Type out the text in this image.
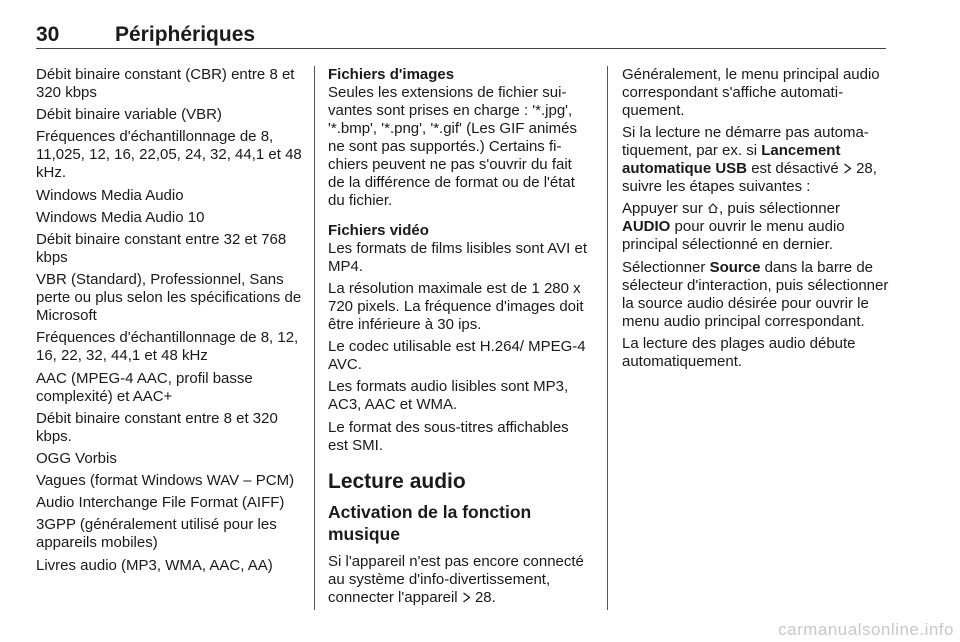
30	Périphériques

Débit binaire constant (CBR) entre 8 et 320 kbps

Débit binaire variable (VBR)

Fréquences d'échantillonnage de 8, 11,025, 12, 16, 22,05, 24, 32, 44,1 et 48 kHz.

Windows Media Audio

Windows Media Audio 10

Débit binaire constant entre 32 et 768 kbps

VBR (Standard), Professionnel, Sans perte ou plus selon les spécifications de Microsoft

Fréquences d'échantillonnage de 8, 12, 16, 22, 32, 44,1 et 48 kHz

AAC (MPEG-4 AAC, profil basse complexité) et AAC+

Débit binaire constant entre 8 et 320 kbps.

OGG Vorbis

Vagues (format Windows WAV – PCM)

Audio Interchange File Format (AIFF)

3GPP (généralement utilisé pour les appareils mobiles)

Livres audio (MP3, WMA, AAC, AA)

Fichiers d'images
Seules les extensions de fichier suivantes sont prises en charge : '*.jpg', '*.bmp', '*.png', '*.gif' (Les GIF animés ne sont pas supportés.) Certains fichiers peuvent ne pas s'ouvrir du fait de la différence de format ou de l'état du fichier.

Fichiers vidéo
Les formats de films lisibles sont AVI et MP4.

La résolution maximale est de 1 280 x 720 pixels. La fréquence d'images doit être inférieure à 30 ips.

Le codec utilisable est H.264/ MPEG-4 AVC.

Les formats audio lisibles sont MP3, AC3, AAC et WMA.

Le format des sous-titres affichables est SMI.

Lecture audio
Activation de la fonction musique

Si l'appareil n'est pas encore connecté au système d'info-divertissement, connecter l'appareil 28.

Généralement, le menu principal audio correspondant s'affiche automatiquement.

Si la lecture ne démarre pas automatiquement, par ex. si Lancement automatique USB est désactivé 28, suivre les étapes suivantes :

Appuyer sur , puis sélectionner AUDIO pour ouvrir le menu audio principal sélectionné en dernier.

Sélectionner Source dans la barre de sélecteur d'interaction, puis sélectionner la source audio désirée pour ouvrir le menu audio principal correspondant.

La lecture des plages audio débute automatiquement.

carmanualsonline.info
